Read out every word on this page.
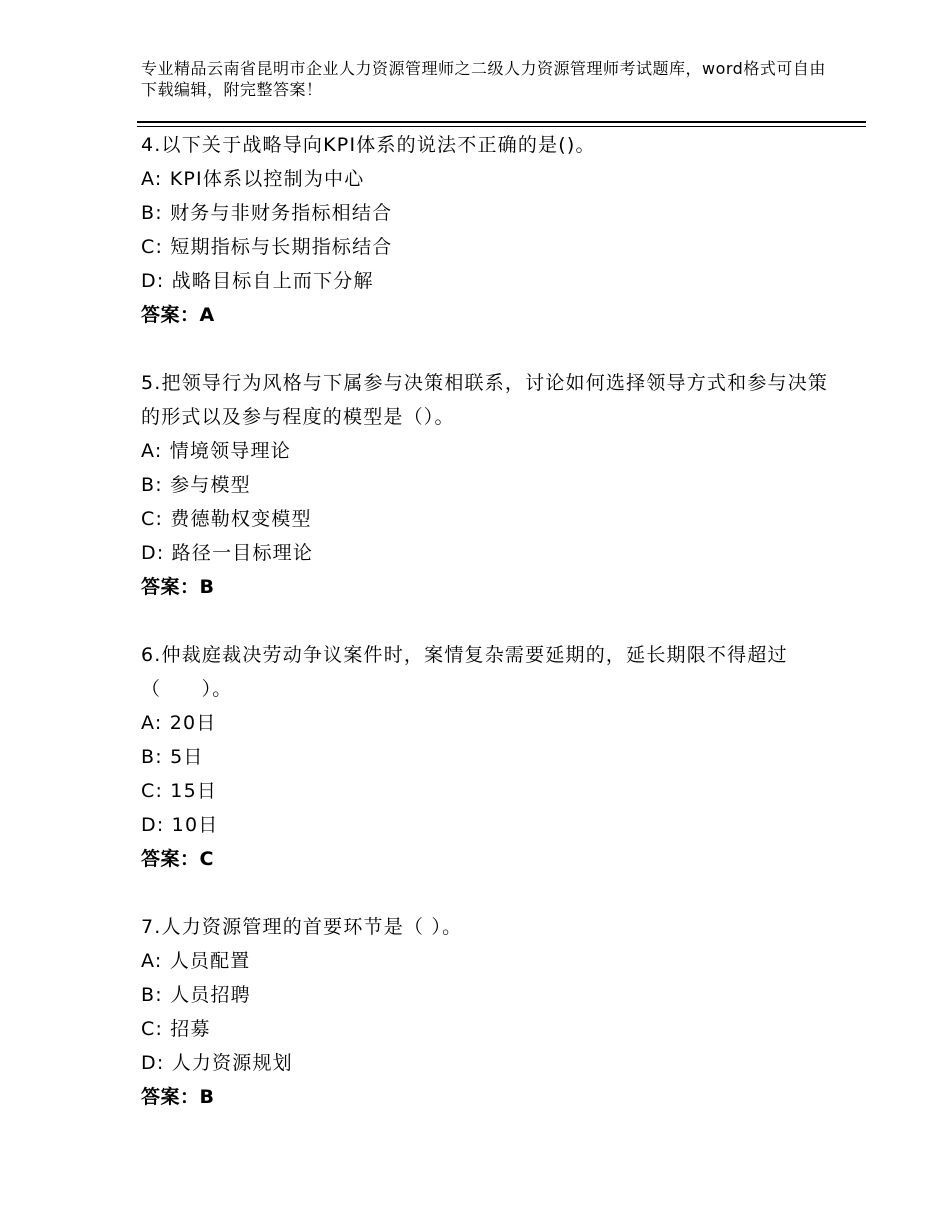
专业精品云南省昆明市企业人力资源管理师之二级人力资源管理师考试题库，word格式可自由下载编辑，附完整答案！
4.以下关于战略导向KPI体系的说法不正确的是()。
A: KPI体系以控制为中心
B: 财务与非财务指标相结合
C: 短期指标与长期指标结合
D: 战略目标自上而下分解
答案：A
5.把领导行为风格与下属参与决策相联系，讨论如何选择领导方式和参与决策的形式以及参与程度的模型是（）。
A: 情境领导理论
B: 参与模型
C: 费德勒权变模型
D: 路径一目标理论
答案：B
6.仲裁庭裁决劳动争议案件时，案情复杂需要延期的，延长期限不得超过（　　）。
A: 20日
B: 5日
C: 15日
D: 10日
答案：C
7.人力资源管理的首要环节是（ ）。
A: 人员配置
B: 人员招聘
C: 招募
D: 人力资源规划
答案：B
